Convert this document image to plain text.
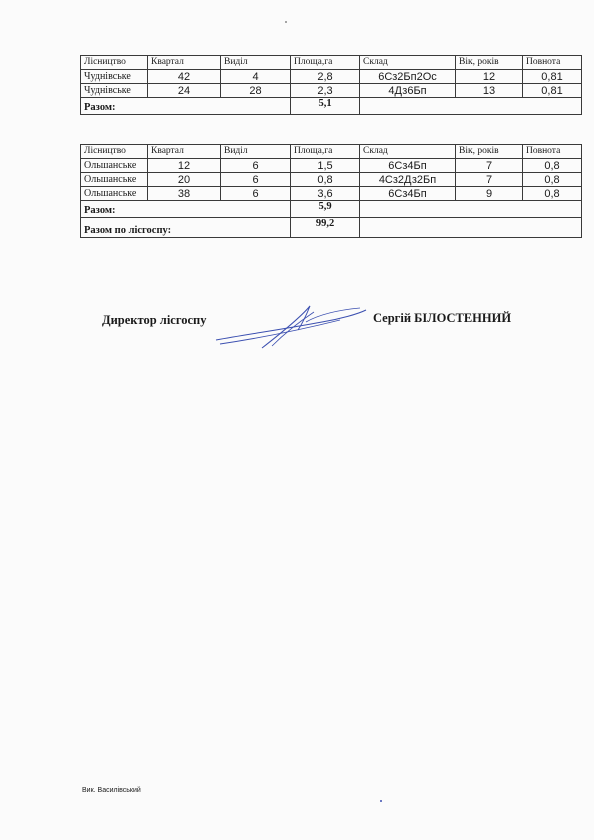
Лісництво	Квартал	Виділ	Площа,га	Склад	Вік, років	Повнота
Чуднівське	42	4	2,8	6Сз2Бп2Ос	12	0,81
Чуднівське	24	28	2,3	4Дз6Бп	13	0,81
Разом:			5,1			
Лісництво	Квартал	Виділ	Площа,га	Склад	Вік, років	Повнота
Ольшанське	12	6	1,5	6Сз4Бп	7	0,8
Ольшанське	20	6	0,8	4Сз2Дз2Бп	7	0,8
Ольшанське	38	6	3,6	6Сз4Бп	9	0,8
Разом:			5,9			
Разом по лісгоспу:			99,2			
Директор лісгоспу	Сергій БІЛОСТЕННИЙ
Вик. Василівський
